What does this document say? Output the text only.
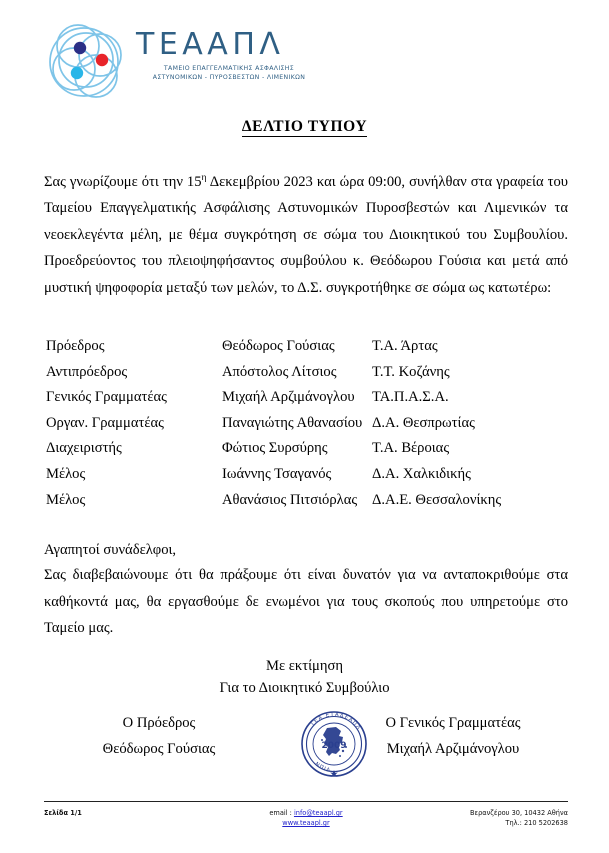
ΤΕΑΑΠΛ
ΤΑΜΕΙΟ ΕΠΑΓΓΕΛΜΑΤΙΚΗΣ ΑΣΦΑΛΙΣΗΣ
ΑΣΤΥΝΟΜΙΚΩΝ - ΠΥΡΟΣΒΕΣΤΩΝ - ΛΙΜΕΝΙΚΩΝ
ΔΕΛΤΙΟ ΤΥΠΟΥ
Σας γνωρίζουμε ότι την $15^\eta$ Δεκεμβρίου 2023 και ώρα 09:00, συνήλθαν στα γραφεία του Ταμείου Επαγγελματικής Ασφάλισης Αστυνομικών Πυροσβεστών και Λιμενικών τα νεοεκλεγέντα μέλη, με θέμα συγκρότηση σε σώμα του Διοικητικού του Συμβουλίου. Προεδρεύοντος του πλειοψηφήσαντος συμβούλου κ. Θεόδωρου Γούσια και μετά από μυστική ψηφοφορία μεταξύ των μελών, το Δ.Σ. συγκροτήθηκε σε σώμα ως κατωτέρω:
Πρόεδρος	Θεόδωρος Γούσιας	Τ.Α. Άρτας
Αντιπρόεδρος	Απόστολος Λίτσιος	Τ.Τ. Κοζάνης
Γενικός Γραμματέας	Μιχαήλ Αρζιμάνογλου	ΤΑ.Π.Α.Σ.Α.
Οργαν. Γραμματέας	Παναγιώτης Αθανασίου	Δ.Α. Θεσπρωτίας
Διαχειριστής	Φώτιος Συρσύρης	Τ.Α. Βέροιας
Μέλος	Ιωάννης Τσαγανός	Δ.Α. Χαλκιδικής
Μέλος	Αθανάσιος Πιτσιόρλας	Δ.Α.Ε. Θεσσαλονίκης
Αγαπητοί συνάδελφοι,
Σας διαβεβαιώνουμε ότι θα πράξουμε ότι είναι δυνατόν για να ανταποκριθούμε στα καθήκοντά μας, θα εργασθούμε δε ενωμένοι για τους σκοπούς που υπηρετούμε στο Ταμείο μας.
Με εκτίμηση
Για το Διοικητικό Συμβούλιο
Ο Πρόεδρος
Θεόδωρος Γούσιας	2009
ΤΕΑ ΕΤΑΔΕΑΠΛ
ΝΠΙΔ
Ο Γενικός Γραμματέας
Μιχαήλ Αρζιμάνογλου
Σελίδα 1/1	email : info@teaapl.gr
www.teaapl.gr
Βερανζέρου 30, 10432 Αθήνα
Τηλ.: 210 5202638
